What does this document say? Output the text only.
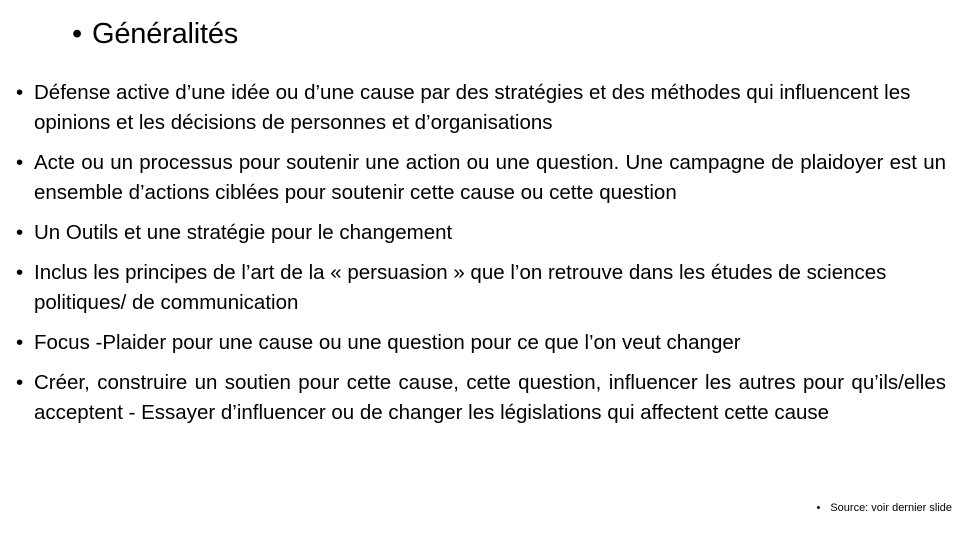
• Généralités
• Défense active d’une idée ou d’une cause par des stratégies et des méthodes qui influencent les opinions et les décisions de personnes et d’organisations
• Acte ou un processus pour soutenir une action ou une question. Une campagne de plaidoyer est un ensemble d’actions ciblées pour soutenir cette cause ou cette question
• Un Outils et une stratégie pour le changement
• Inclus les principes de l’art de la « persuasion » que l’on retrouve dans les études de sciences politiques/ de communication
• Focus -Plaider pour une cause ou une question pour ce que l’on veut changer
• Créer, construire un soutien pour cette cause, cette question, influencer les autres pour qu’ils/elles acceptent - Essayer d’influencer ou de changer les législations qui affectent cette cause
• Source: voir dernier slide
